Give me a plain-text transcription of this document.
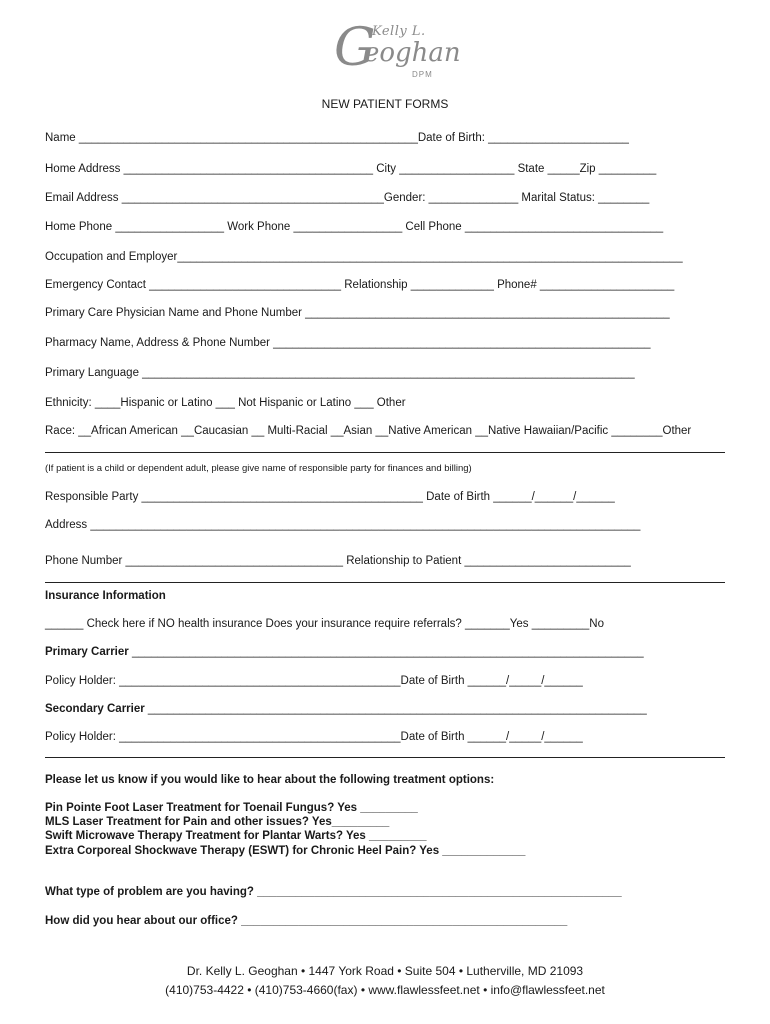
G
Kelly L.
eoghan
DPM
NEW PATIENT FORMS
Name _____________________________________________________Date of Birth: ______________________
Home Address _______________________________________ City __________________ State _____Zip _________
Email Address _________________________________________Gender: ______________ Marital Status: ________
Home Phone _________________ Work Phone _________________ Cell Phone _______________________________
Occupation and Employer_______________________________________________________________________________
Emergency Contact ______________________________ Relationship _____________ Phone# _____________________
Primary Care Physician Name and Phone Number _________________________________________________________
Pharmacy Name, Address & Phone Number ___________________________________________________________
Primary Language _____________________________________________________________________________
Ethnicity: ____Hispanic or Latino ___ Not Hispanic or Latino ___ Other
Race: __African American __Caucasian __ Multi-Racial __Asian __Native American __Native Hawaiian/Pacific ________Other
(If patient is a child or dependent adult, please give name of responsible party for finances and billing)
Responsible Party ____________________________________________ Date of Birth ______/______/______
Address ______________________________________________________________________________________
Phone Number __________________________________ Relationship to Patient __________________________
Insurance Information
______ Check here if NO health insurance Does your insurance require referrals? _______Yes _________No
Primary Carrier ________________________________________________________________________________
Policy Holder: ____________________________________________Date of Birth ______/_____/______
Secondary Carrier ______________________________________________________________________________
Policy Holder: ____________________________________________Date of Birth ______/_____/______
Please let us know if you would like to hear about the following treatment options:
Pin Pointe Foot Laser Treatment for Toenail Fungus? Yes _________
MLS Laser Treatment for Pain and other issues? Yes_________
Swift Microwave Therapy Treatment for Plantar Warts? Yes _________
Extra Corporeal Shockwave Therapy (ESWT) for Chronic Heel Pain? Yes _____________
What type of problem are you having? _________________________________________________________
How did you hear about our office? ___________________________________________________
Dr. Kelly L. Geoghan • 1447 York Road • Suite 504 • Lutherville, MD 21093
(410)753-4422 • (410)753-4660(fax) • www.flawlessfeet.net • info@flawlessfeet.net
